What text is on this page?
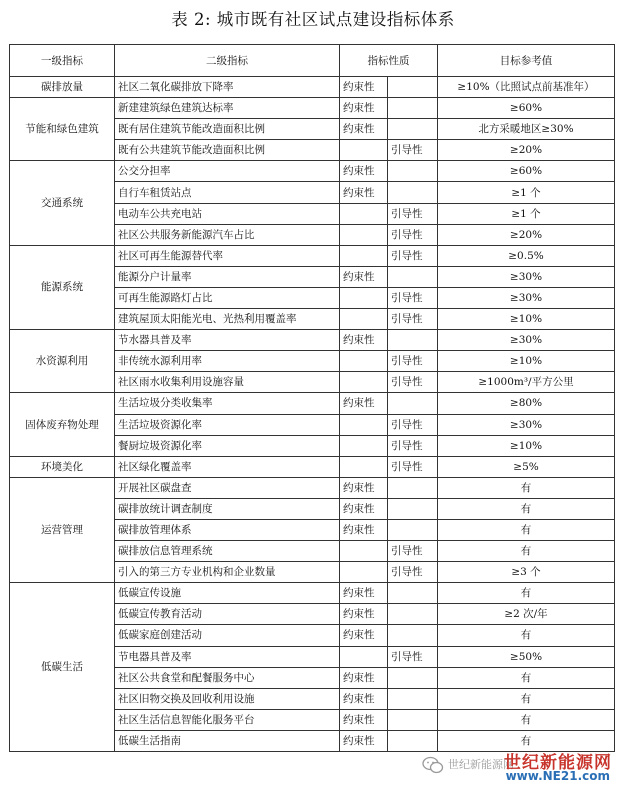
表 2: 城市既有社区试点建设指标体系
一级指标	二级指标	指标性质		目标参考值
碳排放量	社区二氧化碳排放下降率	约束性		≥10%（比照试点前基准年）
节能和绿色建筑	新建建筑绿色建筑达标率	约束性		≥60%
	既有居住建筑节能改造面积比例	约束性		北方采暖地区≥30%
	既有公共建筑节能改造面积比例		引导性	≥20%
交通系统	公交分担率	约束性		≥60%
	自行车租赁站点	约束性		≥1 个
	电动车公共充电站		引导性	≥1 个
	社区公共服务新能源汽车占比		引导性	≥20%
能源系统	社区可再生能源替代率		引导性	≥0.5%
	能源分户计量率	约束性		≥30%
	可再生能源路灯占比		引导性	≥30%
	建筑屋顶太阳能光电、光热利用覆盖率		引导性	≥10%
水资源利用	节水器具普及率	约束性		≥30%
	非传统水源利用率		引导性	≥10%
	社区雨水收集利用设施容量		引导性	≥1000m³/平方公里
固体废弃物处理	生活垃圾分类收集率	约束性		≥80%
	生活垃圾资源化率		引导性	≥30%
	餐厨垃圾资源化率		引导性	≥10%
环境美化	社区绿化覆盖率		引导性	≥5%
运营管理	开展社区碳盘查	约束性		有
	碳排放统计调查制度	约束性		有
	碳排放管理体系	约束性		有
	碳排放信息管理系统		引导性	有
	引入的第三方专业机构和企业数量		引导性	≥3 个
低碳生活	低碳宣传设施	约束性		有
	低碳宣传教育活动	约束性		≥2 次/年
	低碳家庭创建活动	约束性		有
	节电器具普及率		引导性	≥50%
	社区公共食堂和配餐服务中心	约束性		有
	社区旧物交换及回收利用设施	约束性		有
	社区生活信息智能化服务平台	约束性		有
	低碳生活指南	约束性		有
世纪新能源网
世纪新能源网
www.NE21.com
